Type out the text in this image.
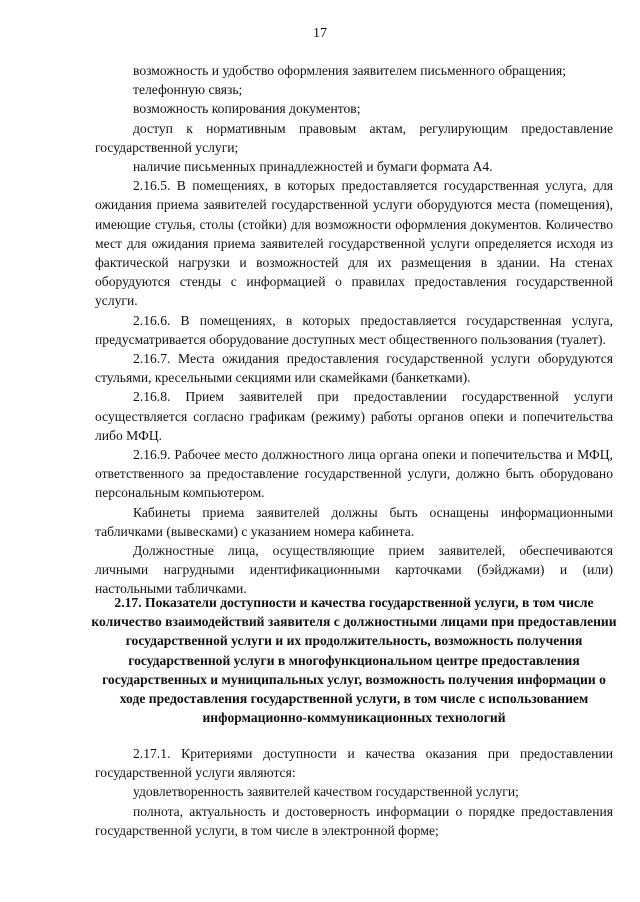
17

возможность и удобство оформления заявителем письменного обращения;

телефонную связь;

возможность копирования документов;

доступ к нормативным правовым актам, регулирующим предоставление государственной услуги;

наличие письменных принадлежностей и бумаги формата А4.

2.16.5. В помещениях, в которых предоставляется государственная услуга, для ожидания приема заявителей государственной услуги оборудуются места (помещения), имеющие стулья, столы (стойки) для возможности оформления документов. Количество мест для ожидания приема заявителей государственной услуги определяется исходя из фактической нагрузки и возможностей для их размещения в здании. На стенах оборудуются стенды с информацией о правилах предоставления государственной услуги.

2.16.6. В помещениях, в которых предоставляется государственная услуга, предусматривается оборудование доступных мест общественного пользования (туалет).

2.16.7. Места ожидания предоставления государственной услуги оборудуются стульями, кресельными секциями или скамейками (банкетками).

2.16.8. Прием заявителей при предоставлении государственной услуги осуществляется согласно графикам (режиму) работы органов опеки и попечительства либо МФЦ.

2.16.9. Рабочее место должностного лица органа опеки и попечительства и МФЦ, ответственного за предоставление государственной услуги, должно быть оборудовано персональным компьютером.

Кабинеты приема заявителей должны быть оснащены информационными табличками (вывесками) с указанием номера кабинета.

Должностные лица, осуществляющие прием заявителей, обеспечиваются личными нагрудными идентификационными карточками (бэйджами) и (или) настольными табличками.

2.17. Показатели доступности и качества государственной услуги, в том числе количество взаимодействий заявителя с должностными лицами при предоставлении государственной услуги и их продолжительность, возможность получения государственной услуги в многофункциональном центре предоставления государственных и муниципальных услуг, возможность получения информации о ходе предоставления государственной услуги, в том числе с использованием информационно-коммуникационных технологий

2.17.1. Критериями доступности и качества оказания при предоставлении государственной услуги являются:

удовлетворенность заявителей качеством государственной услуги;

полнота, актуальность и достоверность информации о порядке предоставления государственной услуги, в том числе в электронной форме;
